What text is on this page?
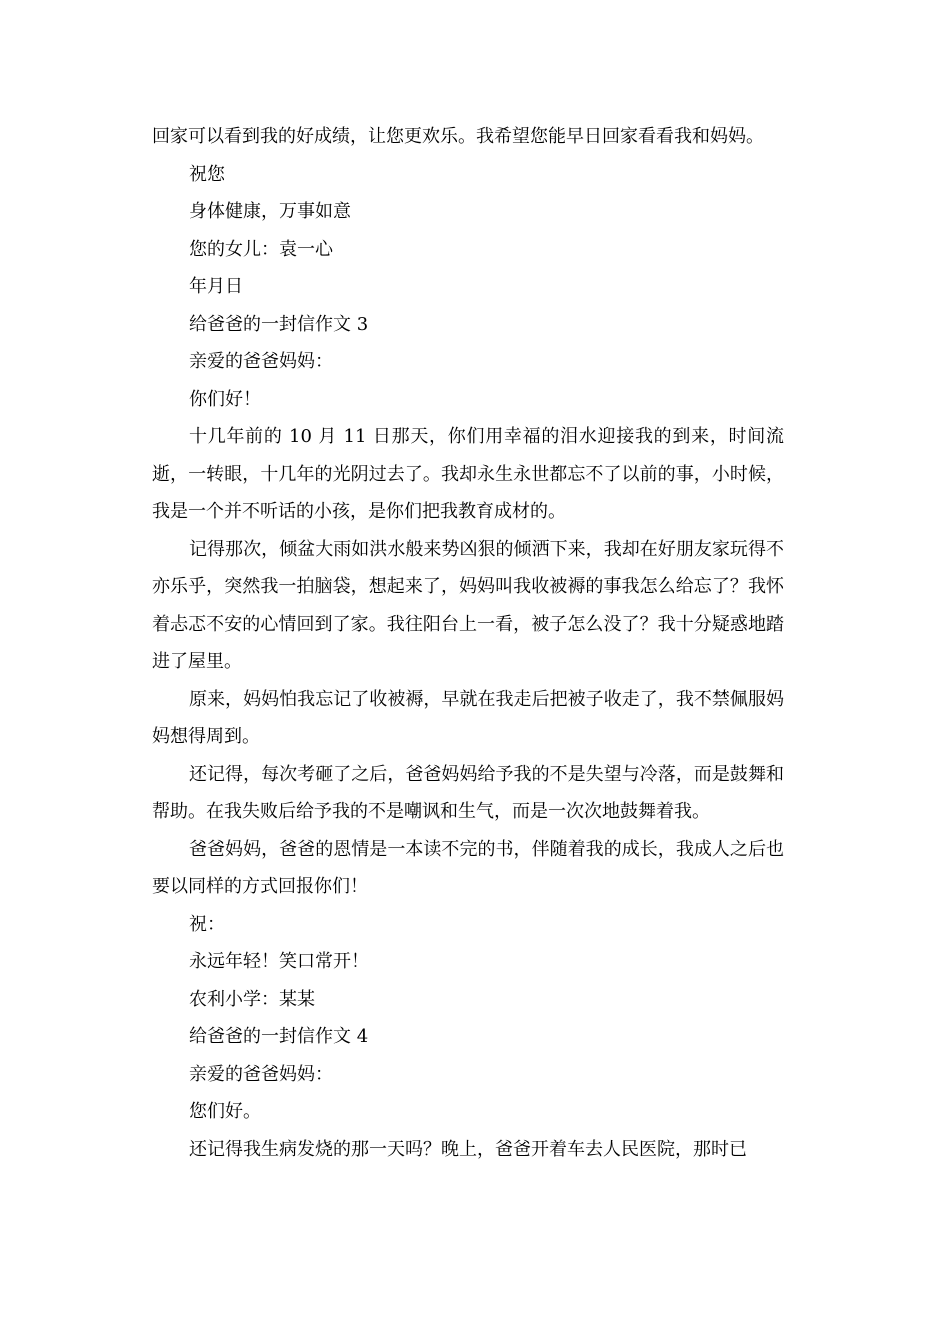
回家可以看到我的好成绩，让您更欢乐。我希望您能早日回家看看我和妈妈。

祝您

身体健康，万事如意

您的女儿：袁一心

年月日

给爸爸的一封信作文 3

亲爱的爸爸妈妈：

你们好！

十几年前的 10 月 11 日那天，你们用幸福的泪水迎接我的到来，时间流逝，一转眼，十几年的光阴过去了。我却永生永世都忘不了以前的事，小时候，我是一个并不听话的小孩，是你们把我教育成材的。

记得那次，倾盆大雨如洪水般来势凶狠的倾洒下来，我却在好朋友家玩得不亦乐乎，突然我一拍脑袋，想起来了，妈妈叫我收被褥的事我怎么给忘了？我怀着忐忑不安的心情回到了家。我往阳台上一看，被子怎么没了？我十分疑惑地踏进了屋里。

原来，妈妈怕我忘记了收被褥，早就在我走后把被子收走了，我不禁佩服妈妈想得周到。

还记得，每次考砸了之后，爸爸妈妈给予我的不是失望与冷落，而是鼓舞和帮助。在我失败后给予我的不是嘲讽和生气，而是一次次地鼓舞着我。

爸爸妈妈，爸爸的恩情是一本读不完的书，伴随着我的成长，我成人之后也要以同样的方式回报你们！

祝：

永远年轻！笑口常开！

农利小学：某某

给爸爸的一封信作文 4

亲爱的爸爸妈妈：

您们好。

还记得我生病发烧的那一天吗？晚上，爸爸开着车去人民医院，那时已
